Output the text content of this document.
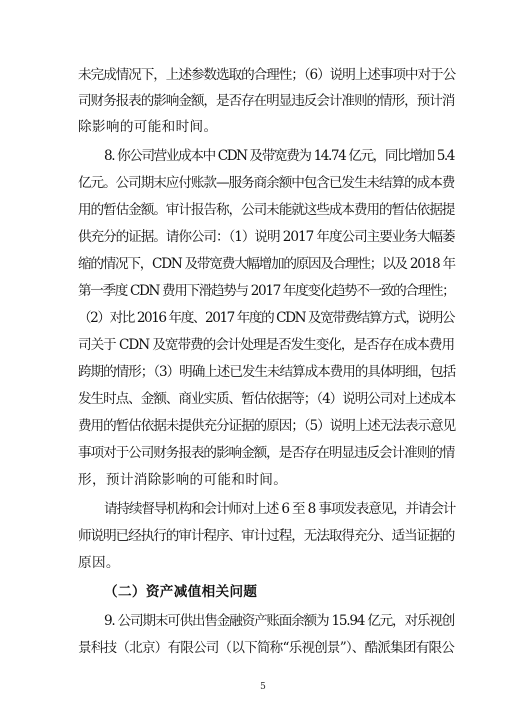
未完成情况下，上述参数选取的合理性；（6）说明上述事项中对于公
司财务报表的影响金额，是否存在明显违反会计准则的情形，预计消
除影响的可能和时间。
8. 你公司营业成本中 CDN 及带宽费为 14.74 亿元，同比增加 5.4
亿元。公司期末应付账款—服务商余额中包含已发生未结算的成本费
用的暂估金额。审计报告称，公司未能就这些成本费用的暂估依据提
供充分的证据。请你公司：（1）说明 2017 年度公司主要业务大幅萎
缩的情况下，CDN 及带宽费大幅增加的原因及合理性；以及 2018 年
第一季度 CDN 费用下滑趋势与 2017 年度变化趋势不一致的合理性；
（2）对比 2016 年度、2017 年度的 CDN 及宽带费结算方式，说明公
司关于 CDN 及宽带费的会计处理是否发生变化，是否存在成本费用
跨期的情形；（3）明确上述已发生未结算成本费用的具体明细，包括
发生时点、金额、商业实质、暂估依据等；（4）说明公司对上述成本
费用的暂估依据未提供充分证据的原因；（5）说明上述无法表示意见
事项对于公司财务报表的影响金额，是否存在明显违反会计准则的情
形，预计消除影响的可能和时间。
请持续督导机构和会计师对上述 6 至 8 事项发表意见，并请会计
师说明已经执行的审计程序、审计过程，无法取得充分、适当证据的
原因。
（二）资产减值相关问题
9. 公司期末可供出售金融资产账面余额为 15.94 亿元，对乐视创
景科技（北京）有限公司（以下简称“乐视创景”）、酷派集团有限公
5
